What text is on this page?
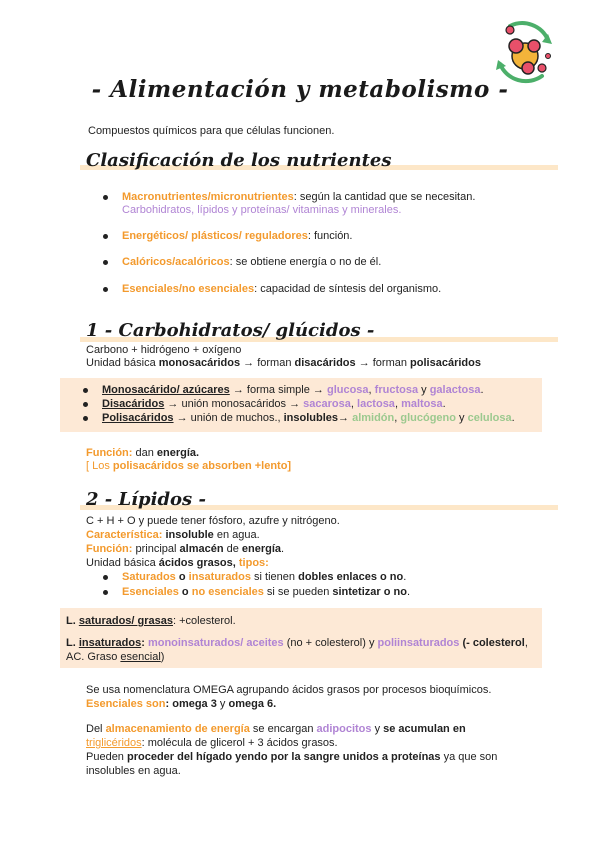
- Alimentación y metabolismo -
Compuestos químicos para que células funcionen.
Clasificación de los nutrientes
Macronutrientes/micronutrientes: según la cantidad que se necesitan.
Carbohidratos, lípidos y proteínas/ vitaminas y minerales.
Energéticos/ plásticos/ reguladores: función.
Calóricos/acalóricos: se obtiene energía o no de él.
Esenciales/no esenciales: capacidad de síntesis del organismo.
1 - Carbohidratos/ glúcidos -
Carbono + hidrógeno + oxígeno
Unidad básica monosacáridos → forman disacáridos → forman polisacáridos
Monosacárido/ azúcares → forma simple → glucosa, fructosa y galactosa.
Disacáridos → unión monosacáridos → sacarosa, lactosa, maltosa.
Polisacáridos → unión de muchos., insolubles→ almidón, glucógeno y celulosa.
Función: dan energía.
[ Los polisacáridos se absorben +lento]
2 - Lípidos -
C + H + O y puede tener fósforo, azufre y nitrógeno.
Característica: insoluble en agua.
Función: principal almacén de energía.
Unidad básica ácidos grasos, tipos:
Saturados o insaturados si tienen dobles enlaces o no.
Esenciales o no esenciales si se pueden sintetizar o no.
L. saturados/ grasas: +colesterol.
L. insaturados: monoinsaturados/ aceites (no + colesterol) y poliinsaturados (- colesterol,
AC. Graso esencial)
Se usa nomenclatura OMEGA agrupando ácidos grasos por procesos bioquímicos.
Esenciales son: omega 3 y omega 6.
Del almacenamiento de energía se encargan adipocitos y se acumulan en
triglicéridos: molécula de glicerol + 3 ácidos grasos.
Pueden proceder del hígado yendo por la sangre unidos a proteínas ya que son
insolubles en agua.
